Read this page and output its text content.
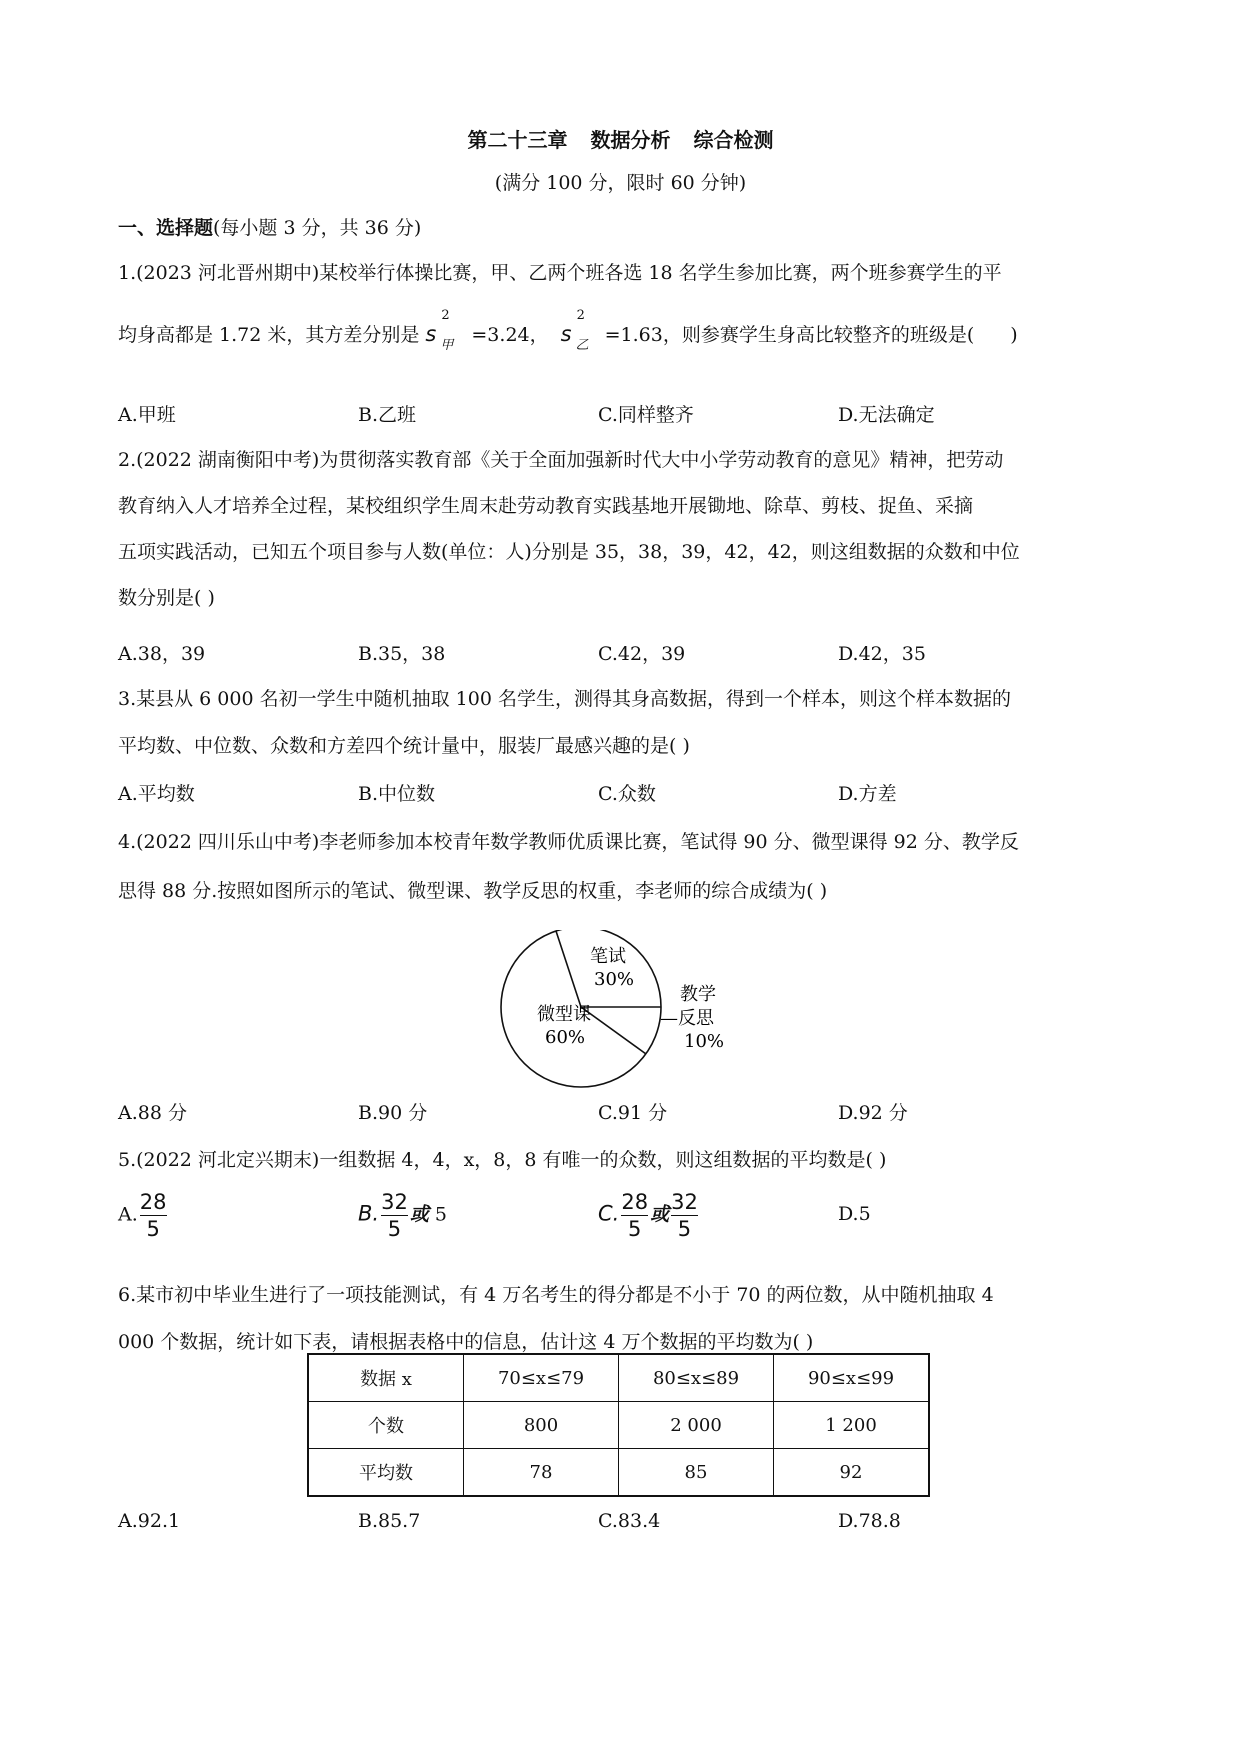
第二十三章 数据分析 综合检测
(满分 100 分，限时 60 分钟)
一、选择题(每小题 3 分，共 36 分)
1.(2023 河北晋州期中)某校举行体操比赛，甲、乙两个班各选 18 名学生参加比赛，两个班参赛学生的平
均身高都是 1.72 米，其方差分别是 s
2
甲 =3.24， s
2
乙 =1.63，则参赛学生身高比较整齐的班级是( )
A.甲班	B.乙班	C.同样整齐	D.无法确定
2.(2022 湖南衡阳中考)为贯彻落实教育部《关于全面加强新时代大中小学劳动教育的意见》精神，把劳动
教育纳入人才培养全过程，某校组织学生周末赴劳动教育实践基地开展锄地、除草、剪枝、捉鱼、采摘
五项实践活动，已知五个项目参与人数(单位：人)分别是 35，38，39，42，42，则这组数据的众数和中位
数分别是( )
A.38，39	B.35，38	C.42，39	D.42，35
3.某县从 6 000 名初一学生中随机抽取 100 名学生，测得其身高数据，得到一个样本，则这个样本数据的
平均数、中位数、众数和方差四个统计量中，服装厂最感兴趣的是( )
A.平均数	B.中位数	C.众数	D.方差
4.(2022 四川乐山中考)李老师参加本校青年数学教师优质课比赛，笔试得 90 分、微型课得 92 分、教学反
思得 88 分.按照如图所示的笔试、微型课、教学反思的权重，李老师的综合成绩为( )
笔试
30%
教学
—反思
10%
微型课
60%
A.88 分	B.90 分	C.91 分	D.92 分
5.(2022 河北定兴期末)一组数据 4，4，x，8，8 有唯一的众数，则这组数据的平均数是( )
A. $\frac{28}{5}$	B. $\frac{32}{5}$ 或 5	C. $\frac{28}{5}$ 或 $\frac{32}{5}$	D.5
6.某市初中毕业生进行了一项技能测试，有 4 万名考生的得分都是不小于 70 的两位数，从中随机抽取 4
000 个数据，统计如下表，请根据表格中的信息，估计这 4 万个数据的平均数为( )
数据 x	70≤x≤79	80≤x≤89	90≤x≤99
个数	800	2 000	1 200
平均数	78	85	92
A.92.1	B.85.7	C.83.4	D.78.8
